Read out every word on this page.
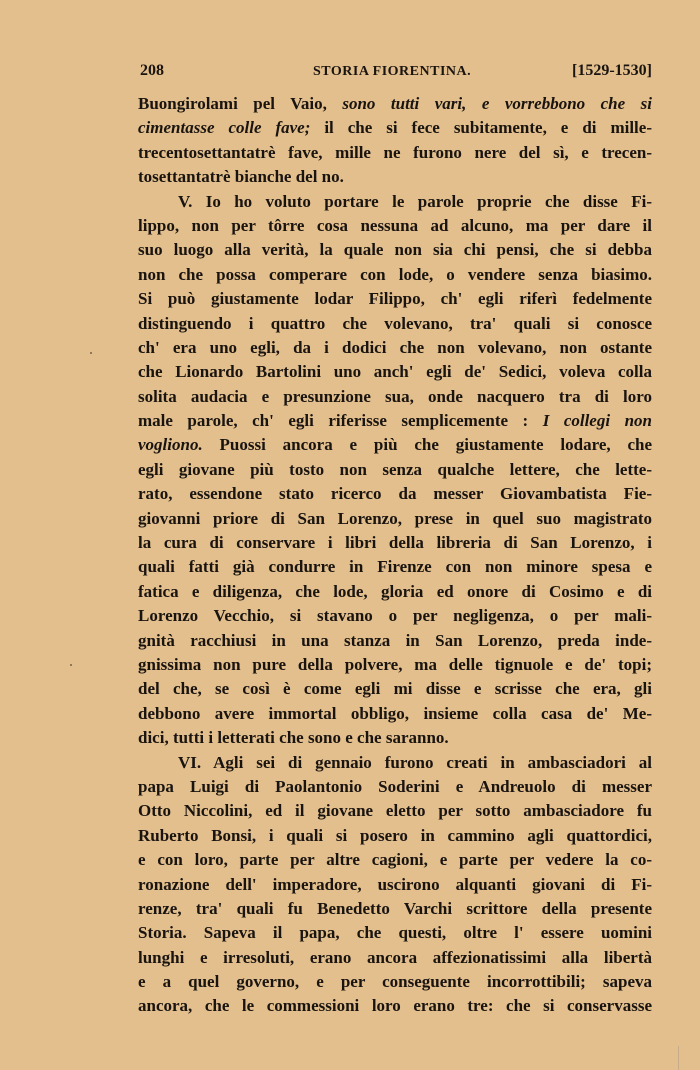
208	STORIA FIORENTINA.	[1529-1530]
Buongirolami pel Vaio, sono tutti vari, e vorrebbono che si
cimentasse colle fave; il che si fece subitamente, e di mille-
trecentosettantatrè fave, mille ne furono nere del sì, e trecen-
tosettantatrè bianche del no.
V. Io ho voluto portare le parole proprie che disse Fi-
lippo, non per tôrre cosa nessuna ad alcuno, ma per dare il
suo luogo alla verità, la quale non sia chi pensi, che si debba
non che possa comperare con lode, o vendere senza biasimo.
Si può giustamente lodar Filippo, ch' egli riferì fedelmente
distinguendo i quattro che volevano, tra' quali si conosce
ch' era uno egli, da i dodici che non volevano, non ostante
che Lionardo Bartolini uno anch' egli de' Sedici, voleva colla
solita audacia e presunzione sua, onde nacquero tra di loro
male parole, ch' egli riferisse semplicemente : I collegi non
vogliono. Puossi ancora e più che giustamente lodare, che
egli giovane più tosto non senza qualche lettere, che lette-
rato, essendone stato ricerco da messer Giovambatista Fie-
giovanni priore di San Lorenzo, prese in quel suo magistrato
la cura di conservare i libri della libreria di San Lorenzo, i
quali fatti già condurre in Firenze con non minore spesa e
fatica e diligenza, che lode, gloria ed onore di Cosimo e di
Lorenzo Vecchio, si stavano o per negligenza, o per mali-
gnità racchiusi in una stanza in San Lorenzo, preda inde-
gnissima non pure della polvere, ma delle tignuole e de' topi;
del che, se così è come egli mi disse e scrisse che era, gli
debbono avere immortal obbligo, insieme colla casa de' Me-
dici, tutti i letterati che sono e che saranno.
VI. Agli sei di gennaio furono creati in ambasciadori al
papa Luigi di Paolantonio Soderini e Andreuolo di messer
Otto Niccolini, ed il giovane eletto per sotto ambasciadore fu
Ruberto Bonsi, i quali si posero in cammino agli quattordici,
e con loro, parte per altre cagioni, e parte per vedere la co-
ronazione dell' imperadore, uscirono alquanti giovani di Fi-
renze, tra' quali fu Benedetto Varchi scrittore della presente
Storia. Sapeva il papa, che questi, oltre l' essere uomini
lunghi e irresoluti, erano ancora affezionatissimi alla libertà
e a quel governo, e per conseguente incorrottibili; sapeva
ancora, che le commessioni loro erano tre: che si conservasse
